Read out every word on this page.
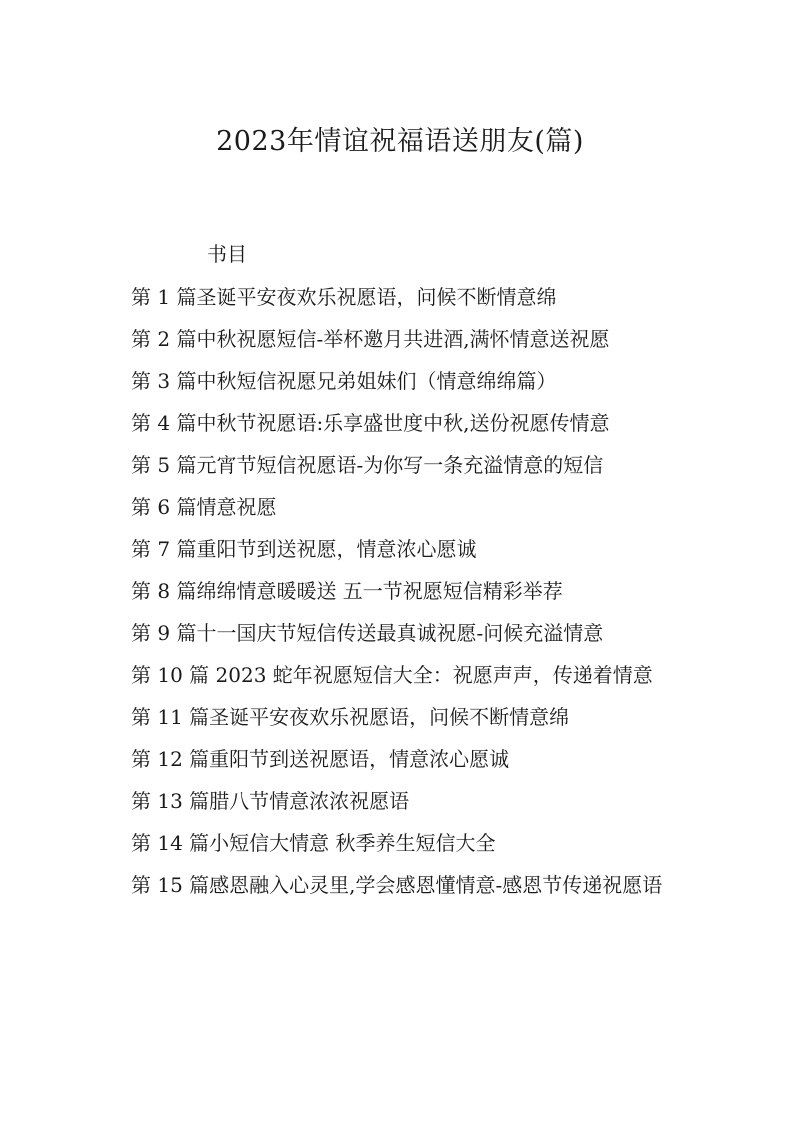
2023年情谊祝福语送朋友(篇)
书目
第 1 篇圣诞平安夜欢乐祝愿语，问候不断情意绵
第 2 篇中秋祝愿短信-举杯邀月共进酒,满怀情意送祝愿
第 3 篇中秋短信祝愿兄弟姐妹们（情意绵绵篇）
第 4 篇中秋节祝愿语:乐享盛世度中秋,送份祝愿传情意
第 5 篇元宵节短信祝愿语-为你写一条充溢情意的短信
第 6 篇情意祝愿
第 7 篇重阳节到送祝愿，情意浓心愿诚
第 8 篇绵绵情意暖暖送 五一节祝愿短信精彩举荐
第 9 篇十一国庆节短信传送最真诚祝愿-问候充溢情意
第 10 篇 2023 蛇年祝愿短信大全：祝愿声声，传递着情意
第 11 篇圣诞平安夜欢乐祝愿语，问候不断情意绵
第 12 篇重阳节到送祝愿语，情意浓心愿诚
第 13 篇腊八节情意浓浓祝愿语
第 14 篇小短信大情意 秋季养生短信大全
第 15 篇感恩融入心灵里,学会感恩懂情意-感恩节传递祝愿语
